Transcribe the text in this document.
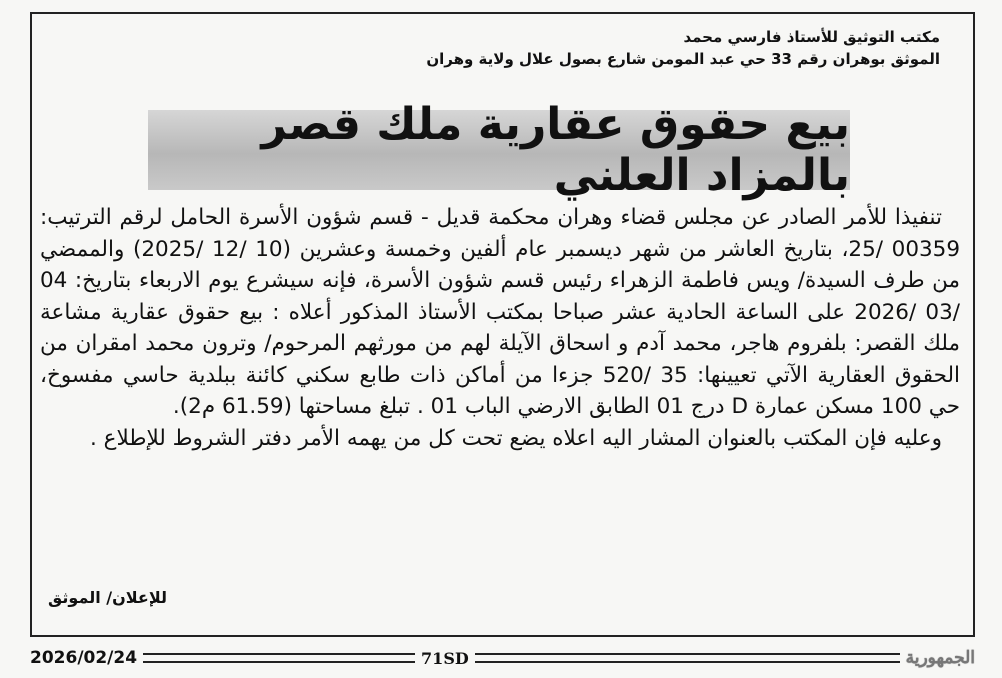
مكتب التوثيق للأستاذ فارسي محمد
الموثق بوهران رقم 33 حي عبد المومن شارع بصول علال ولاية وهران
بيع حقوق عقارية ملك قصر بالمزاد العلني

تنفيذا للأمر الصادر عن مجلس قضاء وهران محكمة قديل - قسم شؤون الأسرة الحامل لرقم الترتيب: 00359 /25، بتاريخ العاشر من شهر ديسمبر عام ألفين وخمسة وعشرين (10 /12 /2025) والممضي من طرف السيدة/ ويس فاطمة الزهراء رئيس قسم شؤون الأسرة، فإنه سيشرع يوم الاربعاء بتاريخ: 04 /03 /2026 على الساعة الحادية عشر صباحا بمكتب الأستاذ المذكور أعلاه : بيع حقوق عقارية مشاعة ملك القصر: بلفروم هاجر، محمد آدم و اسحاق الآيلة لهم من مورثهم المرحوم/ وترون محمد امقران من الحقوق العقارية الآتي تعيينها: 35 /520 جزءا من أماكن ذات طابع سكني كائنة ببلدية حاسي مفسوخ، حي 100 مسكن عمارة D درج 01 الطابق الارضي الباب 01 . تبلغ مساحتها (61.59 م2).

وعليه فإن المكتب بالعنوان المشار اليه اعلاه يضع تحت كل من يهمه الأمر دفتر الشروط للإطلاع .

للإعلان/ الموثق
2026/02/24	71SD	الجمهورية
